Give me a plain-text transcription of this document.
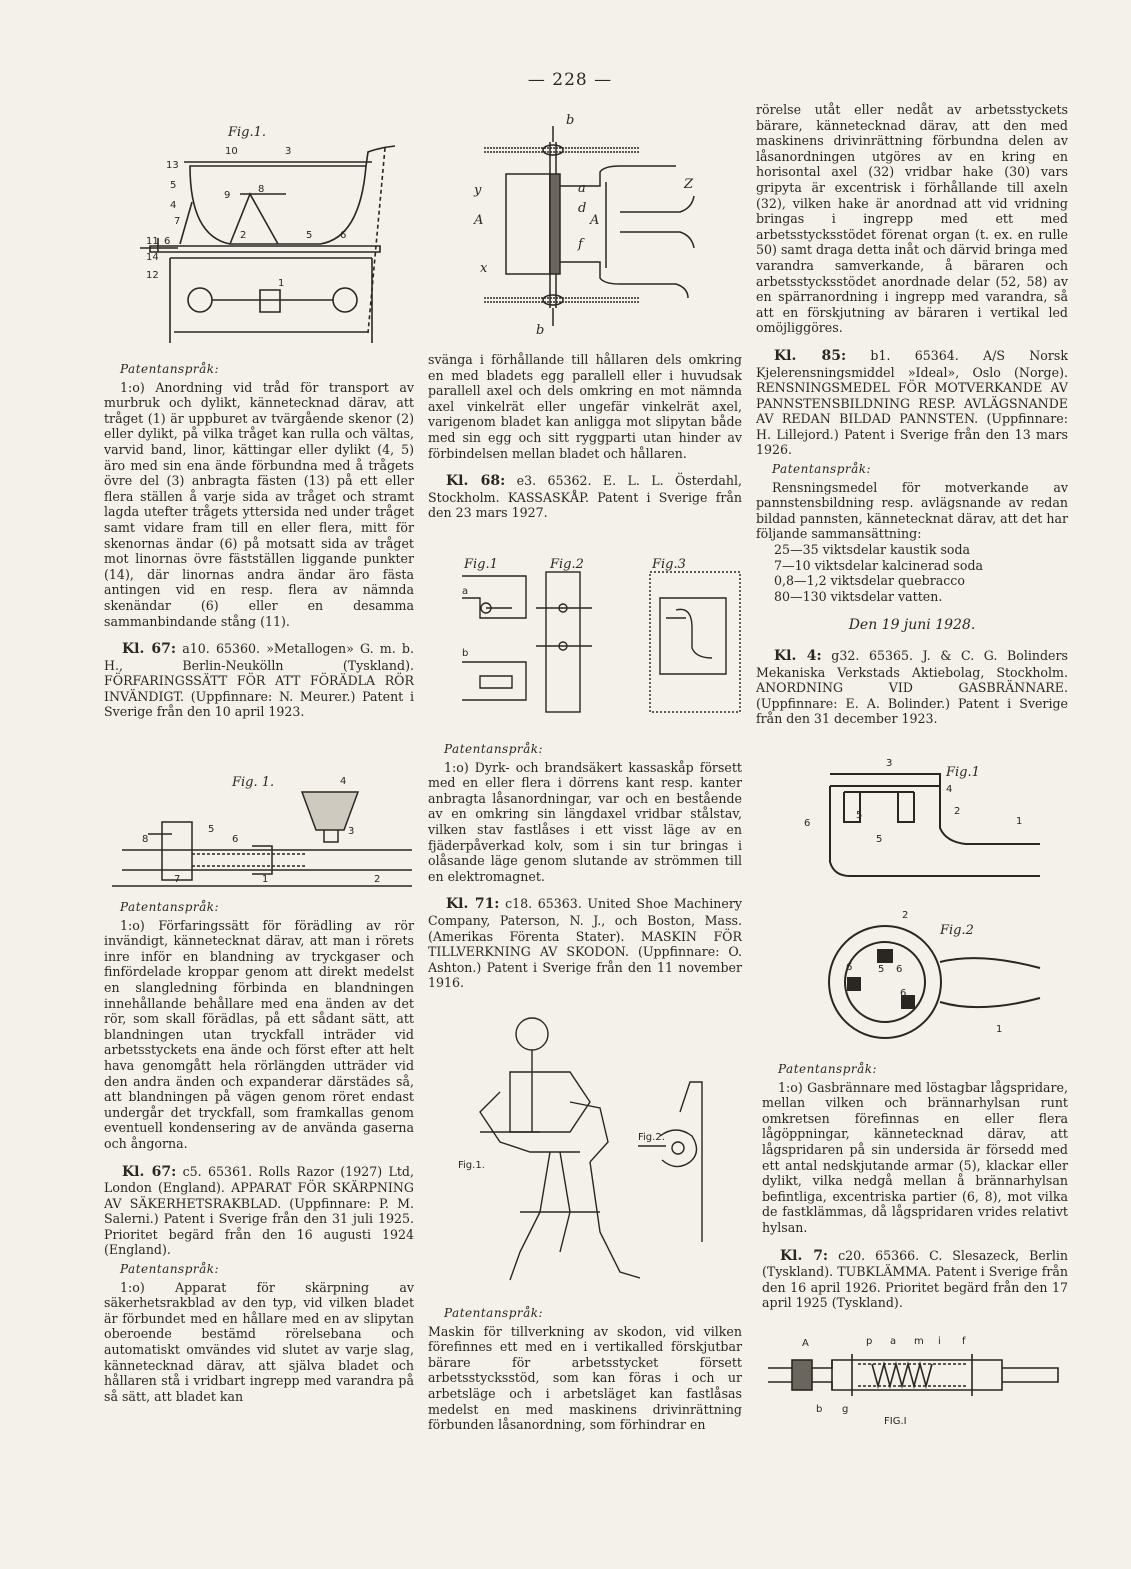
— 228 —
Fig.1.
10	3
13
5
9
8
4
7
2
11 6
14
5	6
12
1

Patentanspråk:

1:o) Anordning vid tråd för transport av murbruk och dylikt, kännetecknad därav, att tråget (1) är uppburet av tvärgående skenor (2) eller dylikt, på vilka tråget kan rulla och vältas, varvid band, linor, kättingar eller dylikt (4, 5) äro med sin ena ände förbundna med å trågets övre del (3) anbragta fästen (13) på ett eller flera ställen å varje sida av tråget och stramt lagda utefter trågets yttersida ned under tråget samt vidare fram till en eller flera, mitt för skenornas ändar (6) på motsatt sida av tråget mot linornas övre fästställen liggande punkter (14), där linornas andra ändar äro fästa antingen vid en resp. flera av nämnda skenändar (6) eller en desamma sammanbindande stång (11).

Kl. 67: a10. 65360. »Metallogen» G. m. b. H., Berlin-Neukölln (Tyskland). FÖRFARINGSSÄTT FÖR ATT FÖRÄDLA RÖR INVÄNDIGT. (Uppfinnare: N. Meurer.) Patent i Sverige från den 10 april 1923.

Fig. 1.	4
8
5
6
3
7	1	2

Patentanspråk:

1:o) Förfaringssätt för förädling av rör invändigt, kännetecknat därav, att man i rörets inre inför en blandning av tryckgaser och finfördelade kroppar genom att direkt medelst en slangledning förbinda en blandningen innehållande behållare med ena änden av det rör, som skall förädlas, på ett sådant sätt, att blandningen utan tryckfall inträder vid arbetsstyckets ena ände och först efter att helt hava genomgått hela rörlängden utträder vid den andra änden och expanderar därstädes så, att blandningen på vägen genom röret endast undergår det tryckfall, som framkallas genom eventuell kondensering av de använda gaserna och ångorna.

Kl. 67: c5. 65361. Rolls Razor (1927) Ltd, London (England). APPARAT FÖR SKÄRPNING AV SÄKERHETSRAKBLAD. (Uppfinnare: P. M. Salerni.) Patent i Sverige från den 31 juli 1925. Prioritet begärd från den 16 augusti 1924 (England).

Patentanspråk:

1:o) Apparat för skärpning av säkerhetsrakblad av den typ, vid vilken bladet är förbundet med en hållare med en av slipytan oberoende bestämd rörelsebana och automatiskt omvändes vid slutet av varje slag, kännetecknad därav, att själva bladet och hållaren stå i vridbart ingrepp med varandra på så sätt, att bladet kan

b
y	a	Z
d
A	A
f
x
b

svänga i förhållande till hållaren dels omkring en med bladets egg parallell eller i huvudsak parallell axel och dels omkring en mot nämnda axel vinkelrät eller ungefär vinkelrät axel, varigenom bladet kan anligga mot slipytan både med sin egg och sitt ryggparti utan hinder av förbindelsen mellan bladet och hållaren.

Kl. 68: e3. 65362. E. L. L. Österdahl, Stockholm. KASSASKÅP. Patent i Sverige från den 23 mars 1927.

Fig.1	Fig.2	Fig.3
a
b

Patentanspråk:

1:o) Dyrk- och brandsäkert kassaskåp försett med en eller flera i dörrens kant resp. kanter anbragta låsanordningar, var och en bestående av en omkring sin längdaxel vridbar stålstav, vilken stav fastlåses i ett visst läge av en fjäderpåverkad kolv, som i sin tur bringas i olåsande läge genom slutande av strömmen till en elektromagnet.

Kl. 71: c18. 65363. United Shoe Machinery Company, Paterson, N. J., och Boston, Mass. (Amerikas Förenta Stater). MASKIN FÖR TILLVERKNING AV SKODON. (Uppfinnare: O. Ashton.) Patent i Sverige från den 11 november 1916.

Fig.1.
Fig.2.

Patentanspråk:

Maskin för tillverkning av skodon, vid vilken förefinnes ett med en i vertikalled förskjutbar bärare för arbetsstycket försett arbetsstycksstöd, som kan föras i och ur arbetsläge och i arbetsläget kan fastlåsas medelst en med maskinens drivinrättning förbunden låsanordning, som förhindrar en

rörelse utåt eller nedåt av arbetsstyckets bärare, kännetecknad därav, att den med maskinens drivinrättning förbundna delen av låsanordningen utgöres av en kring en horisontal axel (32) vridbar hake (30) vars gripyta är excentrisk i förhållande till axeln (32), vilken hake är anordnad att vid vridning bringas i ingrepp med ett med arbetsstycksstödet förenat organ (t. ex. en rulle 50) samt draga detta inåt och därvid bringa med varandra samverkande, å bäraren och arbetsstycksstödet anordnade delar (52, 58) av en spärranordning i ingrepp med varandra, så att en förskjutning av bäraren i vertikal led omöjliggöres.

Kl. 85: b1. 65364. A/S Norsk Kjelerensningsmiddel »Ideal», Oslo (Norge). RENSNINGSMEDEL FÖR MOTVERKANDE AV PANNSTENSBILDNING RESP. AVLÄGSNANDE AV REDAN BILDAD PANNSTEN. (Uppfinnare: H. Lillejord.) Patent i Sverige från den 13 mars 1926.

Patentanspråk:

Rensningsmedel för motverkande av pannstensbildning resp. avlägsnande av redan bildad pannsten, kännetecknat därav, att det har följande sammansättning:

25—35 viktsdelar kaustik soda
7—10 viktsdelar kalcinerad soda
0,8—1,2 viktsdelar quebracco
80—130 viktsdelar vatten.

Den 19 juni 1928.

Kl. 4: g32. 65365. J. & C. G. Bolinders Mekaniska Verkstads Aktiebolag, Stockholm. ANORDNING VID GASBRÄNNARE. (Uppfinnare: E. A. Bolinder.) Patent i Sverige från den 31 december 1923.

Fig.1
3
4
2
6
5
5
1
Fig.2
2
6	5 6
6
1

Patentanspråk:

1:o) Gasbrännare med löstagbar lågspridare, mellan vilken och brännarhylsan runt omkretsen förefinnas en eller flera lågöppningar, kännetecknad därav, att lågspridaren på sin undersida är försedd med ett antal nedskjutande armar (5), klackar eller dylikt, vilka nedgå mellan å brännarhylsan befintliga, excentriska partier (6, 8), mot vilka de fastklämmas, då lågspridaren vrides relativt hylsan.

Kl. 7: c20. 65366. C. Slesazeck, Berlin (Tyskland). TUBKLÄMMA. Patent i Sverige från den 16 april 1926. Prioritet begärd från den 17 april 1925 (Tyskland).

A	p a m i f
b g
FIG.I
